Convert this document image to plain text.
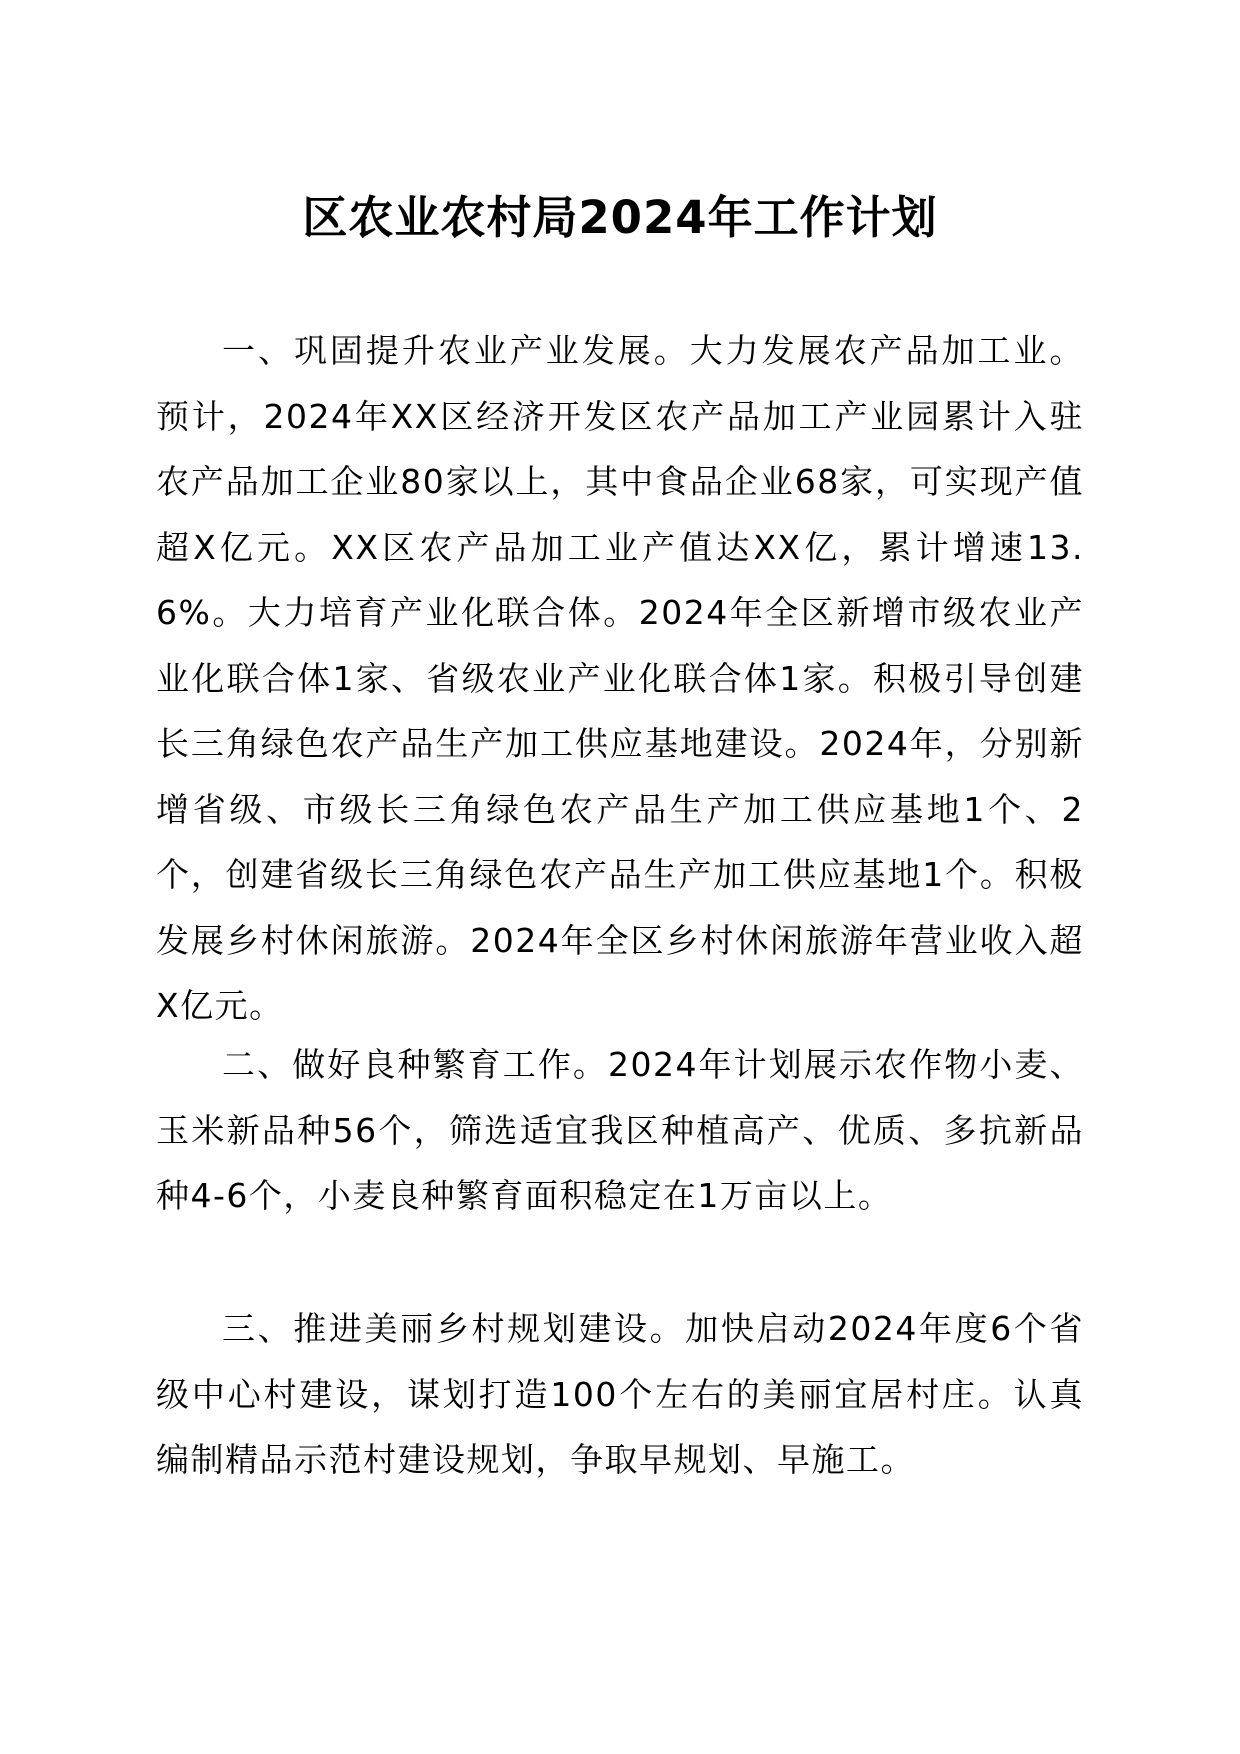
区农业农村局2024年工作计划

一、巩固提升农业产业发展。大力发展农产品加工业。预计，2024年XX区经济开发区农产品加工产业园累计入驻农产品加工企业80家以上，其中食品企业68家，可实现产值超X亿元。XX区农产品加工业产值达XX亿，累计增速13.6%。大力培育产业化联合体。2024年全区新增市级农业产业化联合体1家、省级农业产业化联合体1家。积极引导创建长三角绿色农产品生产加工供应基地建设。2024年，分别新增省级、市级长三角绿色农产品生产加工供应基地1个、2个，创建省级长三角绿色农产品生产加工供应基地1个。积极发展乡村休闲旅游。2024年全区乡村休闲旅游年营业收入超X亿元。

二、做好良种繁育工作。2024年计划展示农作物小麦、玉米新品种56个，筛选适宜我区种植高产、优质、多抗新品种4-6个，小麦良种繁育面积稳定在1万亩以上。

三、推进美丽乡村规划建设。加快启动2024年度6个省级中心村建设，谋划打造100个左右的美丽宜居村庄。认真编制精品示范村建设规划，争取早规划、早施工。
